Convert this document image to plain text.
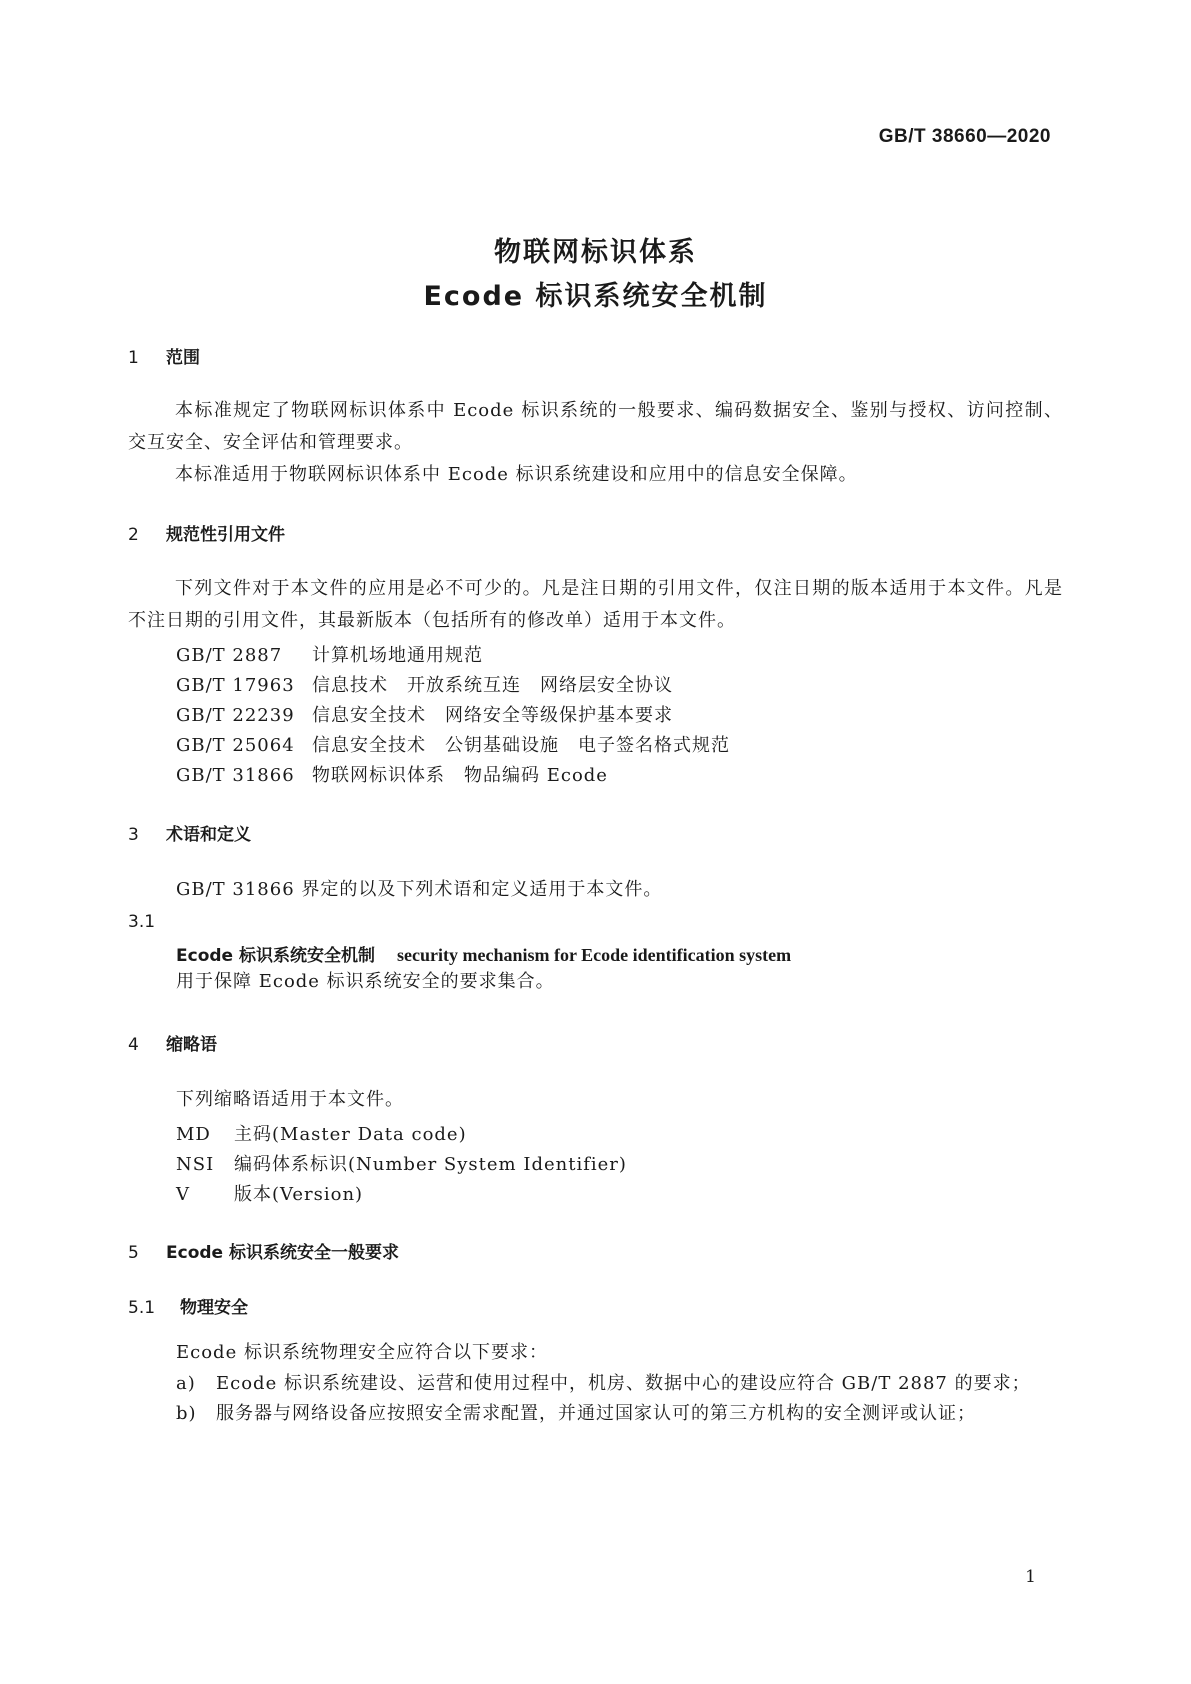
GB/T 38660—2020
物联网标识体系
Ecode 标识系统安全机制
1 范围

本标准规定了物联网标识体系中 Ecode 标识系统的一般要求、编码数据安全、鉴别与授权、访问控制、交互安全、安全评估和管理要求。

本标准适用于物联网标识体系中 Ecode 标识系统建设和应用中的信息安全保障。

2 规范性引用文件

下列文件对于本文件的应用是必不可少的。凡是注日期的引用文件，仅注日期的版本适用于本文件。凡是不注日期的引用文件，其最新版本（包括所有的修改单）适用于本文件。

GB/T 2887 计算机场地通用规范
GB/T 17963 信息技术　开放系统互连　网络层安全协议
GB/T 22239 信息安全技术　网络安全等级保护基本要求
GB/T 25064 信息安全技术　公钥基础设施　电子签名格式规范
GB/T 31866 物联网标识体系　物品编码 Ecode
3 术语和定义
GB/T 31866 界定的以及下列术语和定义适用于本文件。
3.1
Ecode 标识系统安全机制 security mechanism for Ecode identification system
用于保障 Ecode 标识系统安全的要求集合。
4 缩略语
下列缩略语适用于本文件。
MD 主码(Master Data code)
NSI 编码体系标识(Number System Identifier)
V 版本(Version)
5 Ecode 标识系统安全一般要求
5.1 物理安全
Ecode 标识系统物理安全应符合以下要求：
a) Ecode 标识系统建设、运营和使用过程中，机房、数据中心的建设应符合 GB/T 2887 的要求；
b) 服务器与网络设备应按照安全需求配置，并通过国家认可的第三方机构的安全测评或认证；
1
